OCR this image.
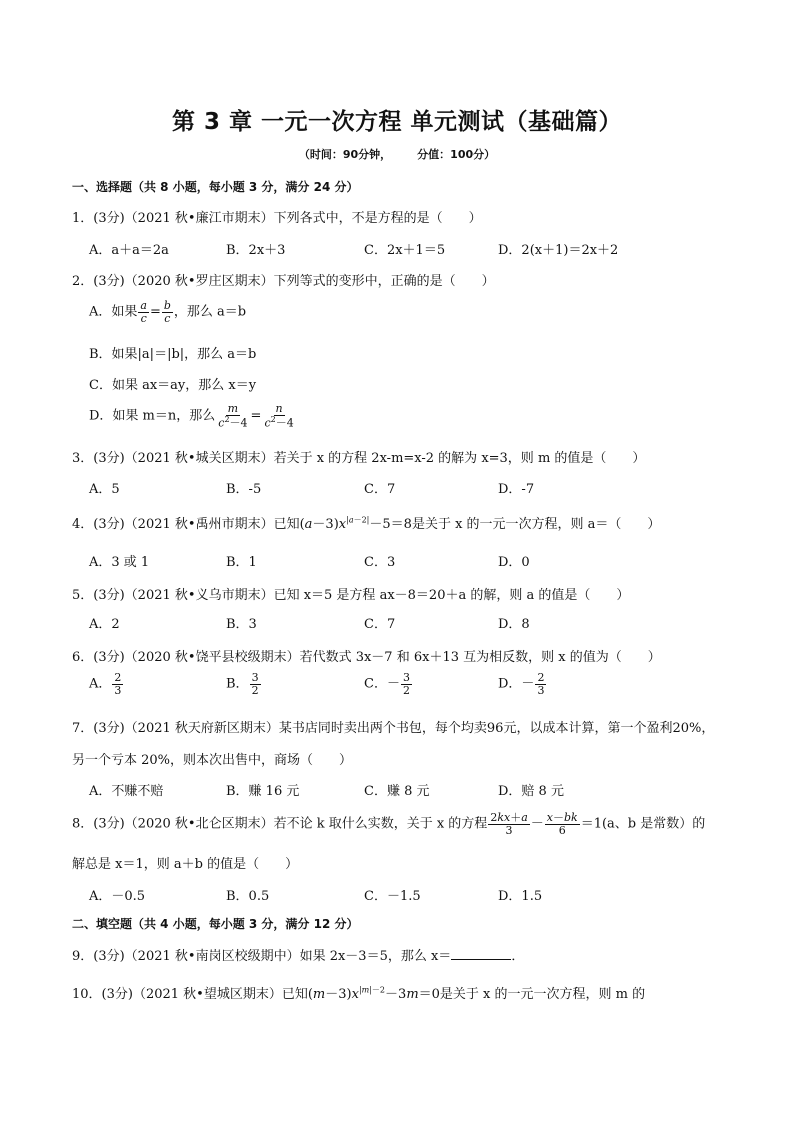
第 3 章 一元一次方程 单元测试（基础篇）
（时间：90分钟， 分值：100分）
一、选择题（共 8 小题，每小题 3 分，满分 24 分）
1．(3分)（2021 秋•廉江市期末）下列各式中，不是方程的是（　　）
A．a＋a＝2a	B．2x＋3	C．2x＋1＝5	D．2(x＋1)＝2x＋2
2．(3分)（2020 秋•罗庄区期末）下列等式的变形中，正确的是（　　）
A．如果 $\frac{a}{c} = \frac{b}{c}$ ，那么 a＝b
B．如果|a|＝|b|，那么 a＝b
C．如果 ax＝ay，那么 x＝y
D．如果 m＝n，那么 $\frac{m}{c^2-4} = \frac{n}{c^2-4}$
3．(3分)（2021 秋•城关区期末）若关于 x 的方程 2x-m=x-2 的解为 x=3，则 m 的值是（　　）
A．5	B．-5	C．7	D．-7
4．(3分)（2021 秋•禹州市期末）已知$(a-3)x^{|a-2|}-5=8$是关于 x 的一元一次方程，则 a＝（　　）
A．3 或 1	B．1	C．3	D．0
5．(3分)（2021 秋•义乌市期末）已知 x＝5 是方程 ax－8＝20＋a 的解，则 a 的值是（　　）
A．2	B．3	C．7	D．8
6．(3分)（2020 秋•饶平县校级期末）若代数式 3x－7 和 6x＋13 互为相反数，则 x 的值为（　　）
A． $\frac{2}{3}$	B． $\frac{3}{2}$	C．－ $\frac{3}{2}$	D．－ $\frac{2}{3}$
7．(3分)（2021 秋天府新区期末）某书店同时卖出两个书包，每个均卖96元，以成本计算，第一个盈利20%，
另一个亏本 20%，则本次出售中，商场（　　）
A．不赚不赔	B．赚 16 元	C．赚 8 元	D．赔 8 元
8．(3分)（2020 秋•北仑区期末）若不论 k 取什么实数，关于 x 的方程 $\frac{2kx+a}{3} - \frac{x-bk}{6} =1(a$、b 是常数）的
解总是 x＝1，则 a＋b 的值是（　　）
A．－0.5	B．0.5	C．－1.5	D．1.5
二、填空题（共 4 小题，每小题 3 分，满分 12 分）
9．(3分)（2021 秋•南岗区校级期中）如果 2x－3＝5，那么 x＝	．
10．(3分)（2021 秋•望城区期末）已知$(m-3)x^{|m|-2}-3m=0$是关于 x 的一元一次方程，则 m 的
